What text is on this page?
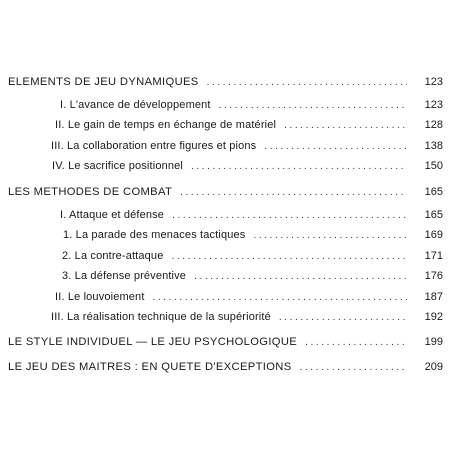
ELEMENTS DE JEU DYNAMIQUES .....	123
I. L'avance de développement .....	123
II. Le gain de temps en échange de matériel .....	128
III. La collaboration entre figures et pions .....	138
IV. Le sacrifice positionnel .....	150
LES METHODES DE COMBAT .....	165
I. Attaque et défense .....	165
1. La parade des menaces tactiques .....	169
2. La contre-attaque .....	171
3. La défense préventive .....	176
II. Le louvoiement .....	187
III. La réalisation technique de la supériorité .....	192
LE STYLE INDIVIDUEL — LE JEU PSYCHOLOGIQUE .....	199
LE JEU DES MAITRES : EN QUETE D'EXCEPTIONS .....	209
